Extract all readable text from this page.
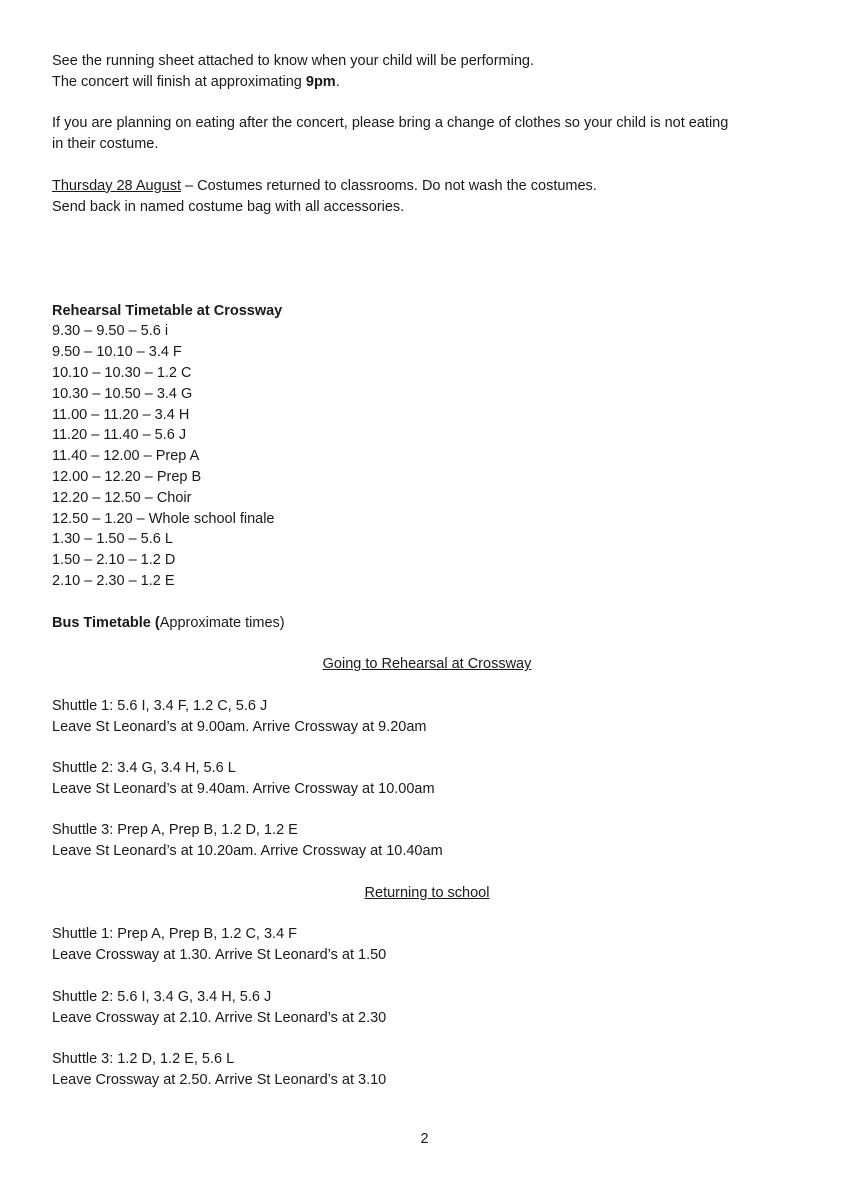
See the running sheet attached to know when your child will be performing.
The concert will finish at approximating 9pm.
If you are planning on eating after the concert, please bring a change of clothes so your child is not eating
in their costume.
Thursday 28 August – Costumes returned to classrooms. Do not wash the costumes.
Send back in named costume bag with all accessories.
Rehearsal Timetable at Crossway
9.30 – 9.50 – 5.6 i
9.50 – 10.10 – 3.4 F
10.10 – 10.30 – 1.2 C
10.30 – 10.50 – 3.4 G
11.00 – 11.20 – 3.4 H
11.20 – 11.40 – 5.6 J
11.40 – 12.00 – Prep A
12.00 – 12.20 – Prep B
12.20 – 12.50 – Choir
12.50 – 1.20 – Whole school finale
1.30 – 1.50 – 5.6 L
1.50 – 2.10 – 1.2 D
2.10 – 2.30 – 1.2 E
Bus Timetable (Approximate times)
Going to Rehearsal at Crossway
Shuttle 1: 5.6 I, 3.4 F, 1.2 C, 5.6 J
Leave St Leonard’s at 9.00am. Arrive Crossway at 9.20am
Shuttle 2: 3.4 G, 3.4 H, 5.6 L
Leave St Leonard’s at 9.40am. Arrive Crossway at 10.00am
Shuttle 3: Prep A, Prep B, 1.2 D, 1.2 E
Leave St Leonard’s at 10.20am. Arrive Crossway at 10.40am
Returning to school
Shuttle 1: Prep A, Prep B, 1.2 C, 3.4 F
Leave Crossway at 1.30. Arrive St Leonard’s at 1.50
Shuttle 2: 5.6 I, 3.4 G, 3.4 H, 5.6 J
Leave Crossway at 2.10. Arrive St Leonard’s at 2.30
Shuttle 3: 1.2 D, 1.2 E, 5.6 L
Leave Crossway at 2.50. Arrive St Leonard’s at 3.10
2
